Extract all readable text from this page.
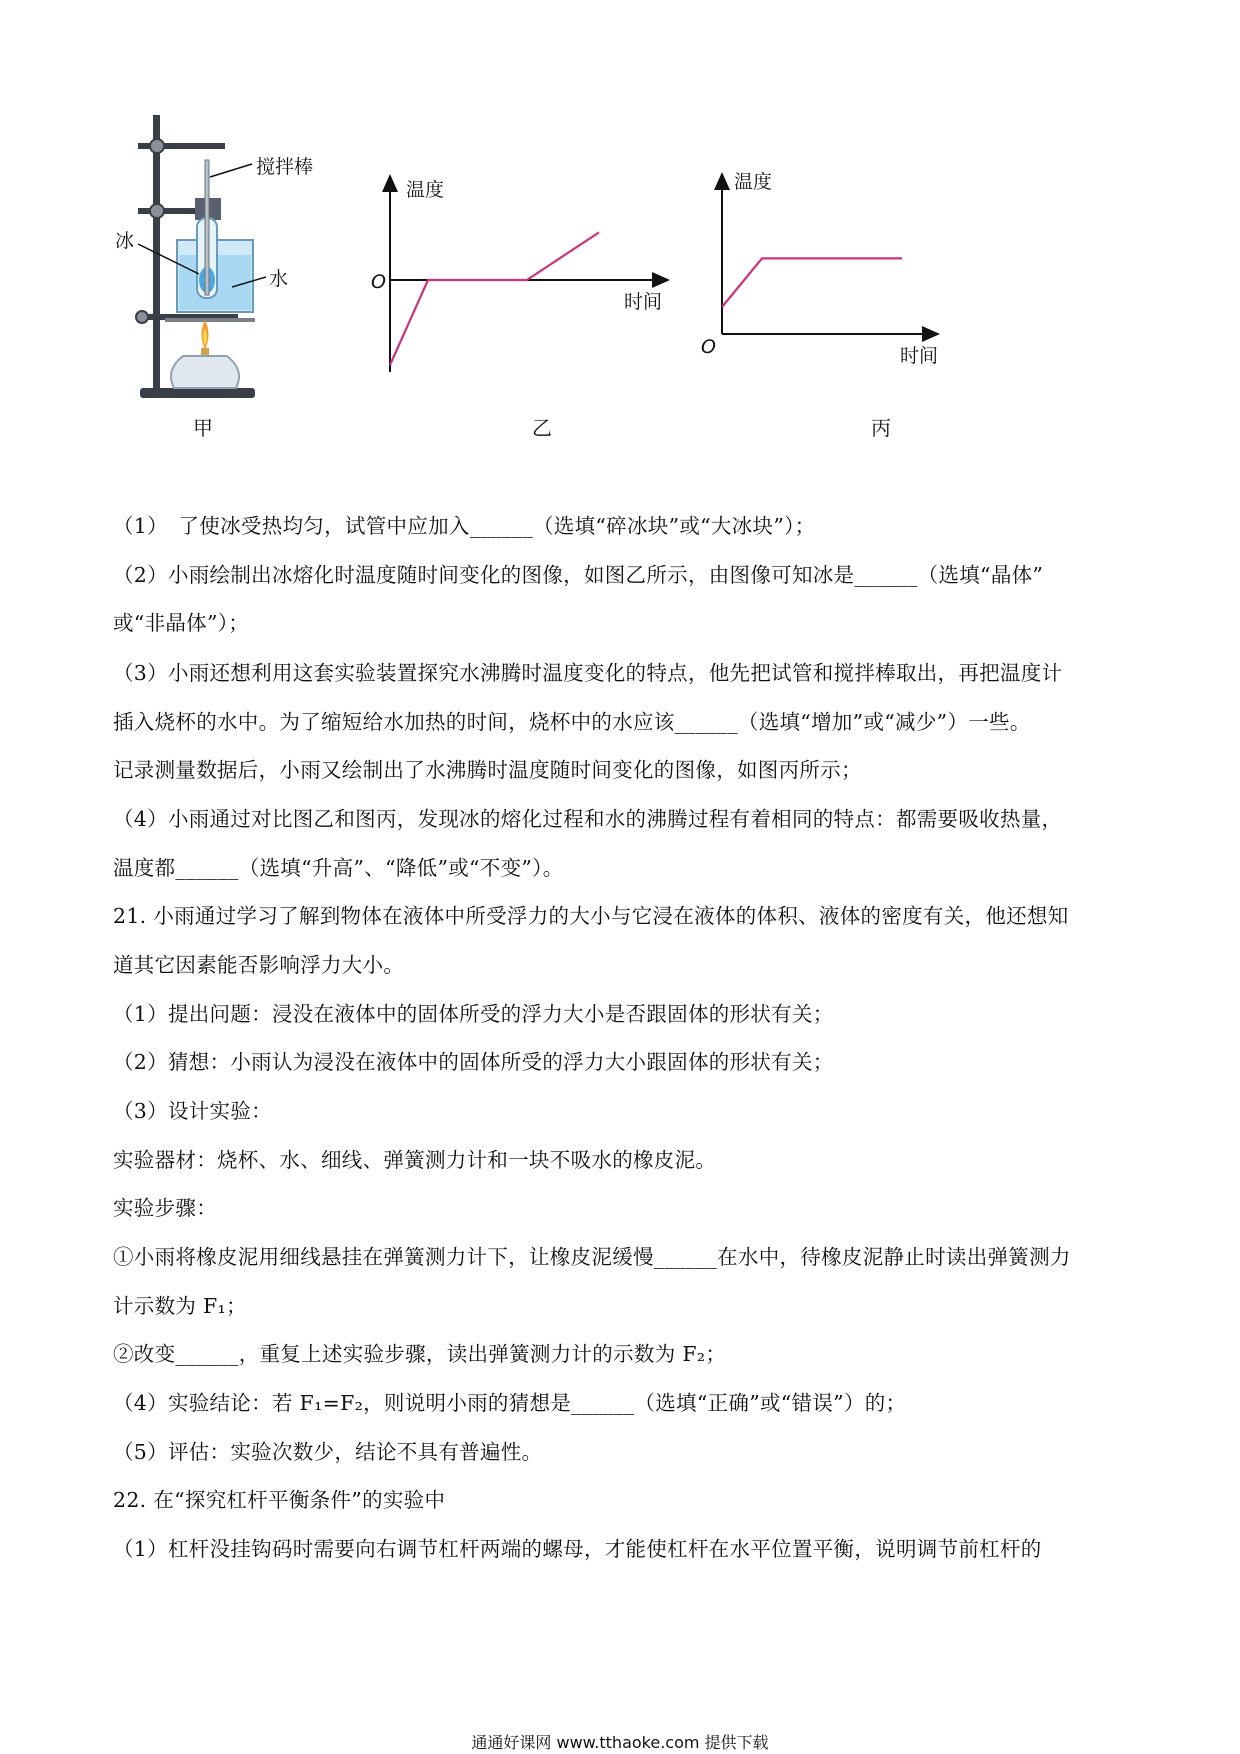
搅拌棒
冰
水
温度
时间
O
温度
时间
O
甲	乙	丙
（1）　了使冰受热均匀，试管中应加入______（选填“碎冰块”或“大冰块”）；
（2）小雨绘制出冰熔化时温度随时间变化的图像，如图乙所示，由图像可知冰是______（选填“晶体”
或“非晶体”）；
（3）小雨还想利用这套实验装置探究水沸腾时温度变化的特点，他先把试管和搅拌棒取出，再把温度计
插入烧杯的水中。为了缩短给水加热的时间，烧杯中的水应该______（选填“增加”或“减少”）一些。
记录测量数据后，小雨又绘制出了水沸腾时温度随时间变化的图像，如图丙所示；
（4）小雨通过对比图乙和图丙，发现冰的熔化过程和水的沸腾过程有着相同的特点：都需要吸收热量，
温度都______（选填“升高”、“降低”或“不变”）。
21. 小雨通过学习了解到物体在液体中所受浮力的大小与它浸在液体的体积、液体的密度有关，他还想知
道其它因素能否影响浮力大小。
（1）提出问题：浸没在液体中的固体所受的浮力大小是否跟固体的形状有关；
（2）猜想：小雨认为浸没在液体中的固体所受的浮力大小跟固体的形状有关；
（3）设计实验：
实验器材：烧杯、水、细线、弹簧测力计和一块不吸水的橡皮泥。
实验步骤：
①小雨将橡皮泥用细线悬挂在弹簧测力计下，让橡皮泥缓慢______在水中，待橡皮泥静止时读出弹簧测力
计示数为 F₁；
②改变______，重复上述实验步骤，读出弹簧测力计的示数为 F₂；
（4）实验结论：若 F₁=F₂，则说明小雨的猜想是______（选填“正确”或“错误”）的；
（5）评估：实验次数少，结论不具有普遍性。
22. 在“探究杠杆平衡条件”的实验中
（1）杠杆没挂钩码时需要向右调节杠杆两端的螺母，才能使杠杆在水平位置平衡，说明调节前杠杆的
通通好课网 www.tthaoke.com 提供下载
